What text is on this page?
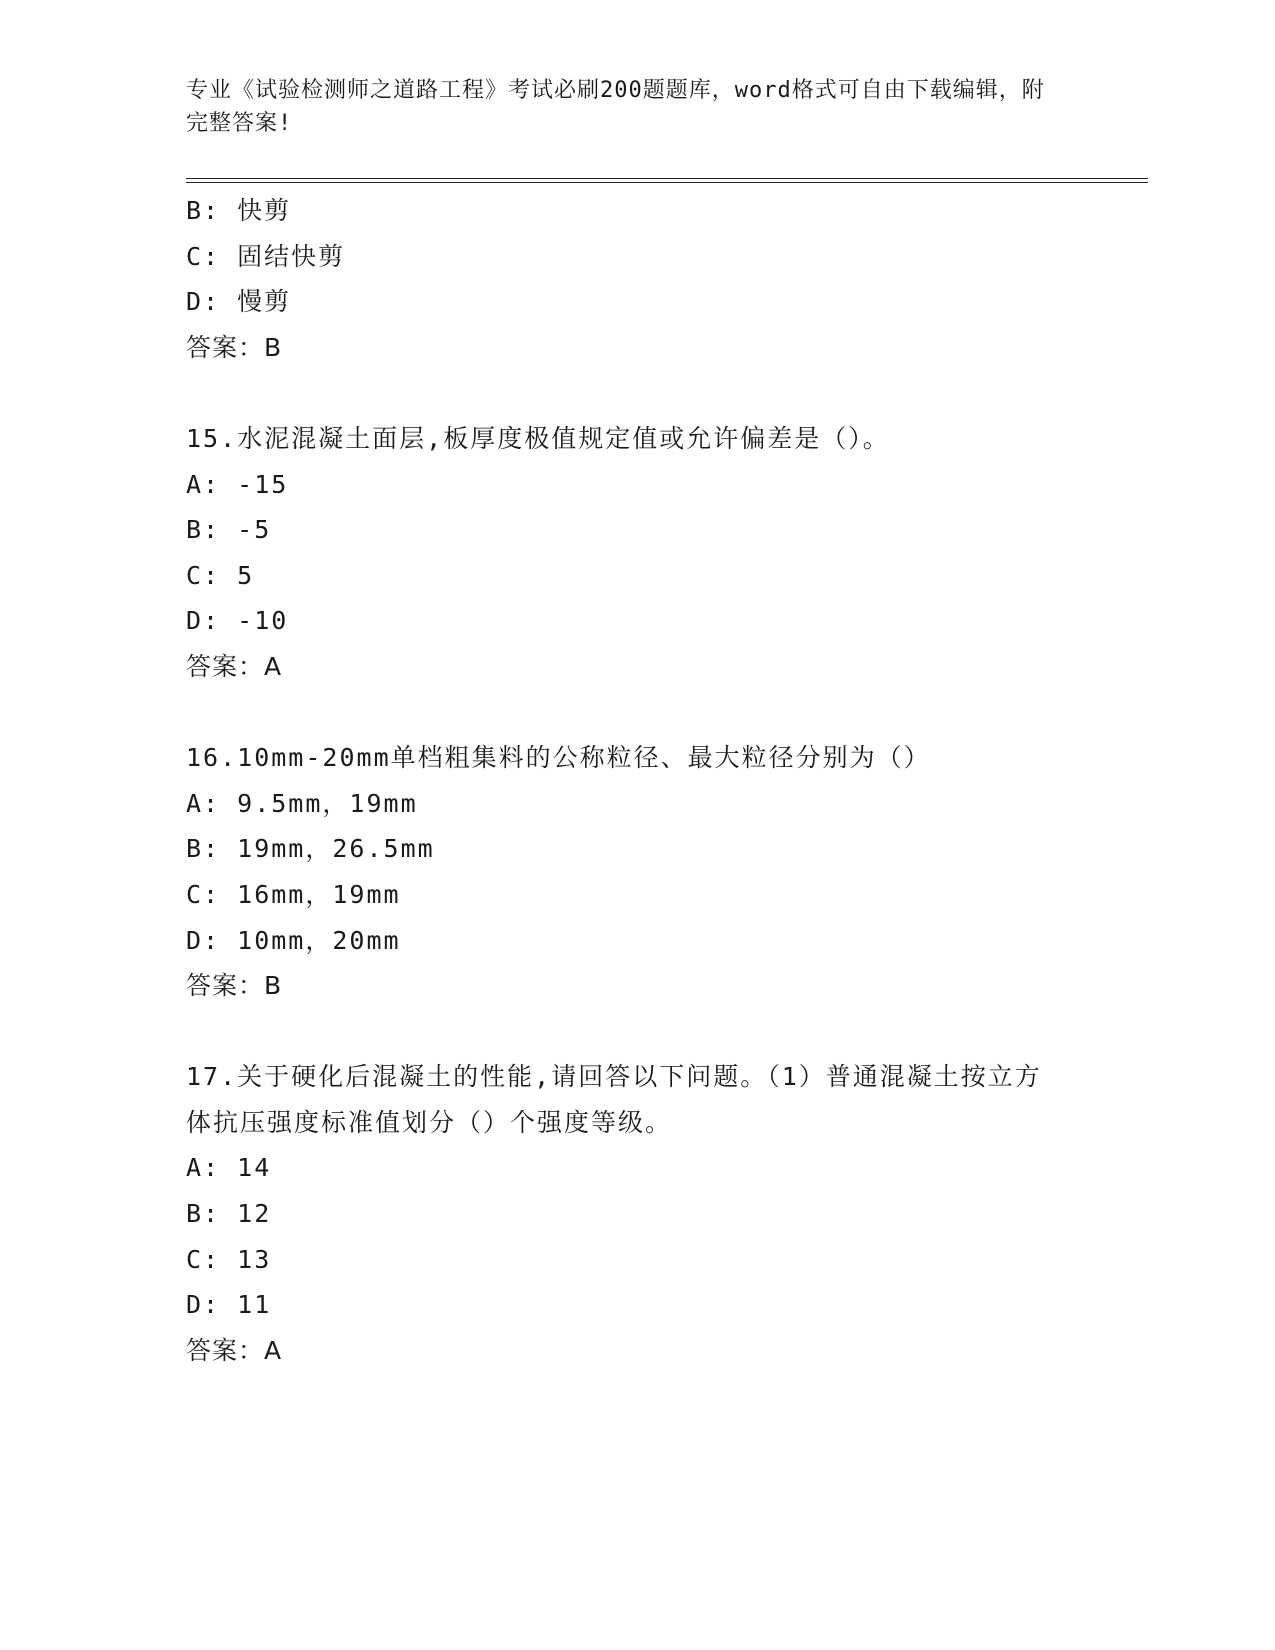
专业《试验检测师之道路工程》考试必刷200题题库，word格式可自由下载编辑，附完整答案!
B: 快剪
C: 固结快剪
D: 慢剪
答案：B
15.水泥混凝土面层,板厚度极值规定值或允许偏差是（）。
A: -15
B: -5
C: 5
D: -10
答案：A
16.10mm-20mm单档粗集料的公称粒径、最大粒径分别为（）
A: 9.5mm，19mm
B: 19mm，26.5mm
C: 16mm，19mm
D: 10mm，20mm
答案：B
17.关于硬化后混凝土的性能,请回答以下问题。（1）普通混凝土按立方体抗压强度标准值划分（）个强度等级。
A: 14
B: 12
C: 13
D: 11
答案：A
